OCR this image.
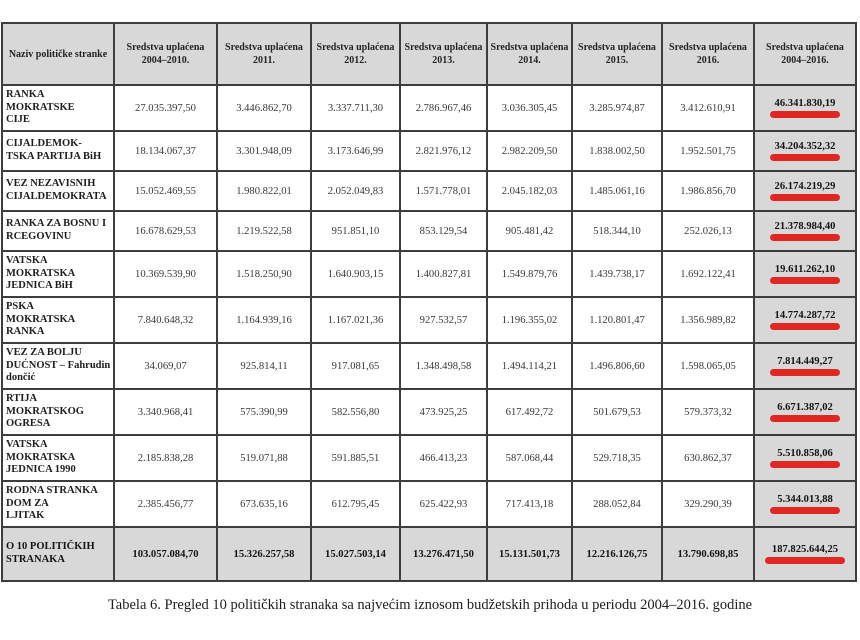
Naziv političke stranke	Sredstva uplaćena 2004–2010.	Sredstva uplaćena 2011.	Sredstva uplaćena 2012.	Sredstva uplaćena 2013.	Sredstva uplaćena 2014.	Sredstva uplaćena 2015.	Sredstva uplaćena 2016.	Sredstva uplaćena 2004–2016.

RANKA
MOKRATSKE
CIJE	27.035.397,50	3.446.862,70	3.337.711,30	2.786.967,46	3.036.305,45	3.285.974,87	3.412.610,91	46.341.830,19

CIJALDEMOK-
TSKA PARTIJA BiH	18.134.067,37	3.301.948,09	3.173.646,99	2.821.976,12	2.982.209,50	1.838.002,50	1.952.501,75	34.204.352,32

VEZ NEZAVISNIH
CIJALDEMOKRATA	15.052.469,55	1.980.822,01	2.052.049,83	1.571.778,01	2.045.182,03	1.485.061,16	1.986.856,70	26.174.219,29

RANKA ZA BOSNU I
RCEGOVINU	16.678.629,53	1.219.522,58	951.851,10	853.129,54	905.481,42	518.344,10	252.026,13	21.378.984,40

VATSKA
MOKRATSKA
JEDNICA BiH	10.369.539,90	1.518.250,90	1.640.903,15	1.400.827,81	1.549.879,76	1.439.738,17	1.692.122,41	19.611.262,10

PSKA
MOKRATSKA
RANKA	7.840.648,32	1.164.939,16	1.167.021,36	927.532,57	1.196.355,02	1.120.801,47	1.356.989,82	14.774.287,72

VEZ ZA BOLJU
DUĆNOST – Fahrudin
dončić	34.069,07	925.814,11	917.081,65	1.348.498,58	1.494.114,21	1.496.806,60	1.598.065,05	7.814.449,27

RTIJA
MOKRATSKOG
OGRESA	3.340.968,41	575.390,99	582.556,80	473.925,25	617.492,72	501.679,53	579.373,32	6.671.387,02

VATSKA
MOKRATSKA
JEDNICA 1990	2.185.838,28	519.071,88	591.885,51	466.413,23	587.068,44	529.718,35	630.862,37	5.510.858,06

RODNA STRANKA
DOM ZA
LJITAK	2.385.456,77	673.635,16	612.795,45	625.422,93	717.413,18	288.052,84	329.290,39	5.344.013,88

O 10 POLITIČKIH
STRANAKA	103.057.084,70	15.326.257,58	15.027.503,14	13.276.471,50	15.131.501,73	12.216.126,75	13.790.698,85	187.825.644,25
Tabela 6. Pregled 10 političkih stranaka sa najvećim iznosom budžetskih prihoda u periodu 2004–2016. godine
